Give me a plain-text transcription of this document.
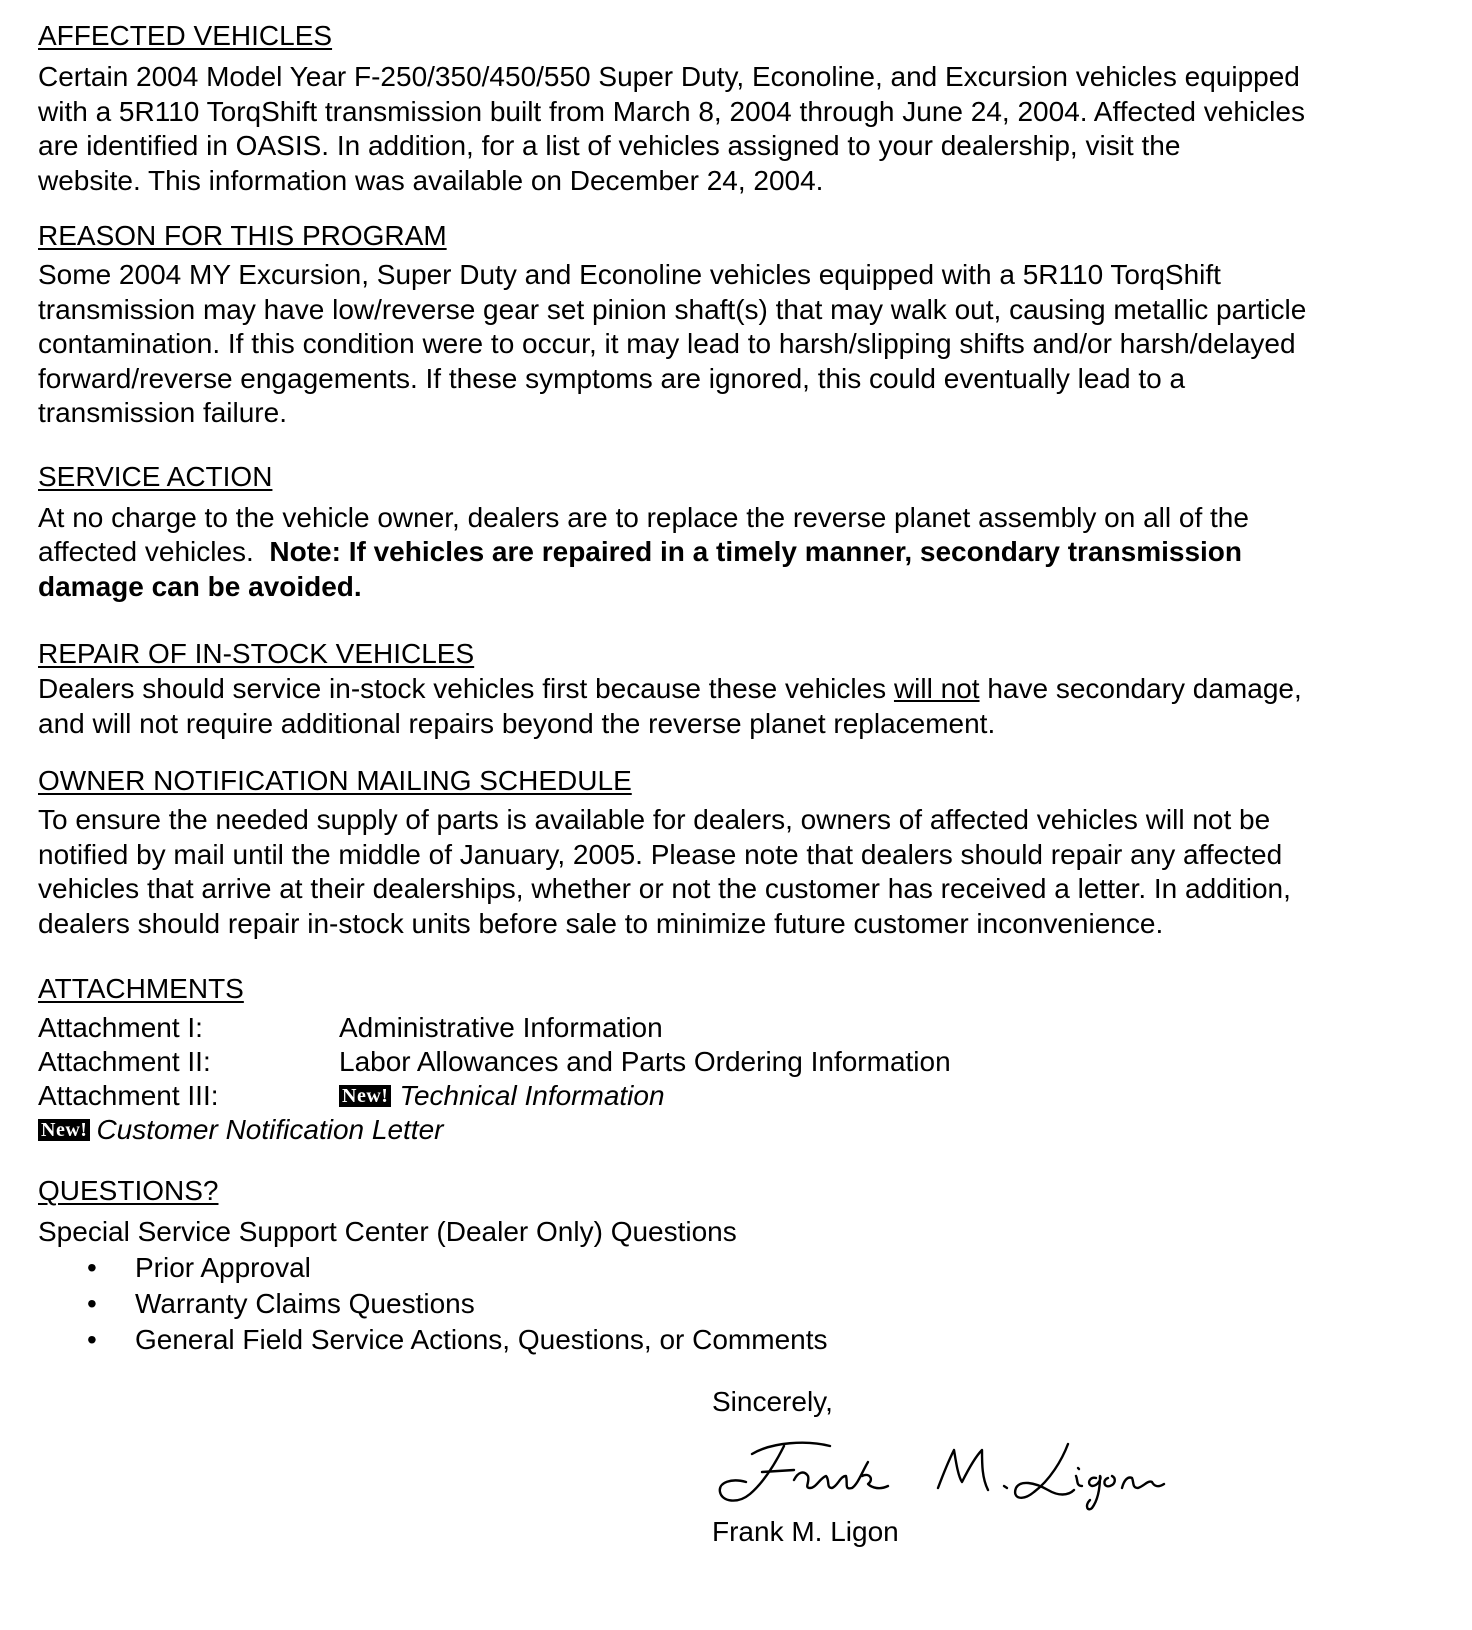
AFFECTED VEHICLES

Certain 2004 Model Year F-250/350/450/550 Super Duty, Econoline, and Excursion vehicles equipped

with a 5R110 TorqShift transmission built from March 8, 2004 through June 24, 2004. Affected vehicles

are identified in OASIS. In addition, for a list of vehicles assigned to your dealership, visit the

website. This information was available on December 24, 2004.

REASON FOR THIS PROGRAM

Some 2004 MY Excursion, Super Duty and Econoline vehicles equipped with a 5R110 TorqShift

transmission may have low/reverse gear set pinion shaft(s) that may walk out, causing metallic particle

contamination. If this condition were to occur, it may lead to harsh/slipping shifts and/or harsh/delayed

forward/reverse engagements. If these symptoms are ignored, this could eventually lead to a

transmission failure.

SERVICE ACTION

At no charge to the vehicle owner, dealers are to replace the reverse planet assembly on all of the

affected vehicles.  Note: If vehicles are repaired in a timely manner, secondary transmission

damage can be avoided.

REPAIR OF IN-STOCK VEHICLES

Dealers should service in-stock vehicles first because these vehicles will not have secondary damage,

and will not require additional repairs beyond the reverse planet replacement.

OWNER NOTIFICATION MAILING SCHEDULE

To ensure the needed supply of parts is available for dealers, owners of affected vehicles will not be

notified by mail until the middle of January, 2005. Please note that dealers should repair any affected

vehicles that arrive at their dealerships, whether or not the customer has received a letter. In addition,

dealers should repair in-stock units before sale to minimize future customer inconvenience.

ATTACHMENTS
Attachment I:	Administrative Information
Attachment II:	Labor Allowances and Parts Ordering Information
Attachment III:	New! Technical Information
New! Customer Notification Letter
QUESTIONS?

Special Service Support Center (Dealer Only) Questions

• Prior Approval
• Warranty Claims Questions
• General Field Service Actions, Questions, or Comments
Sincerely,
Frank M. Ligon
